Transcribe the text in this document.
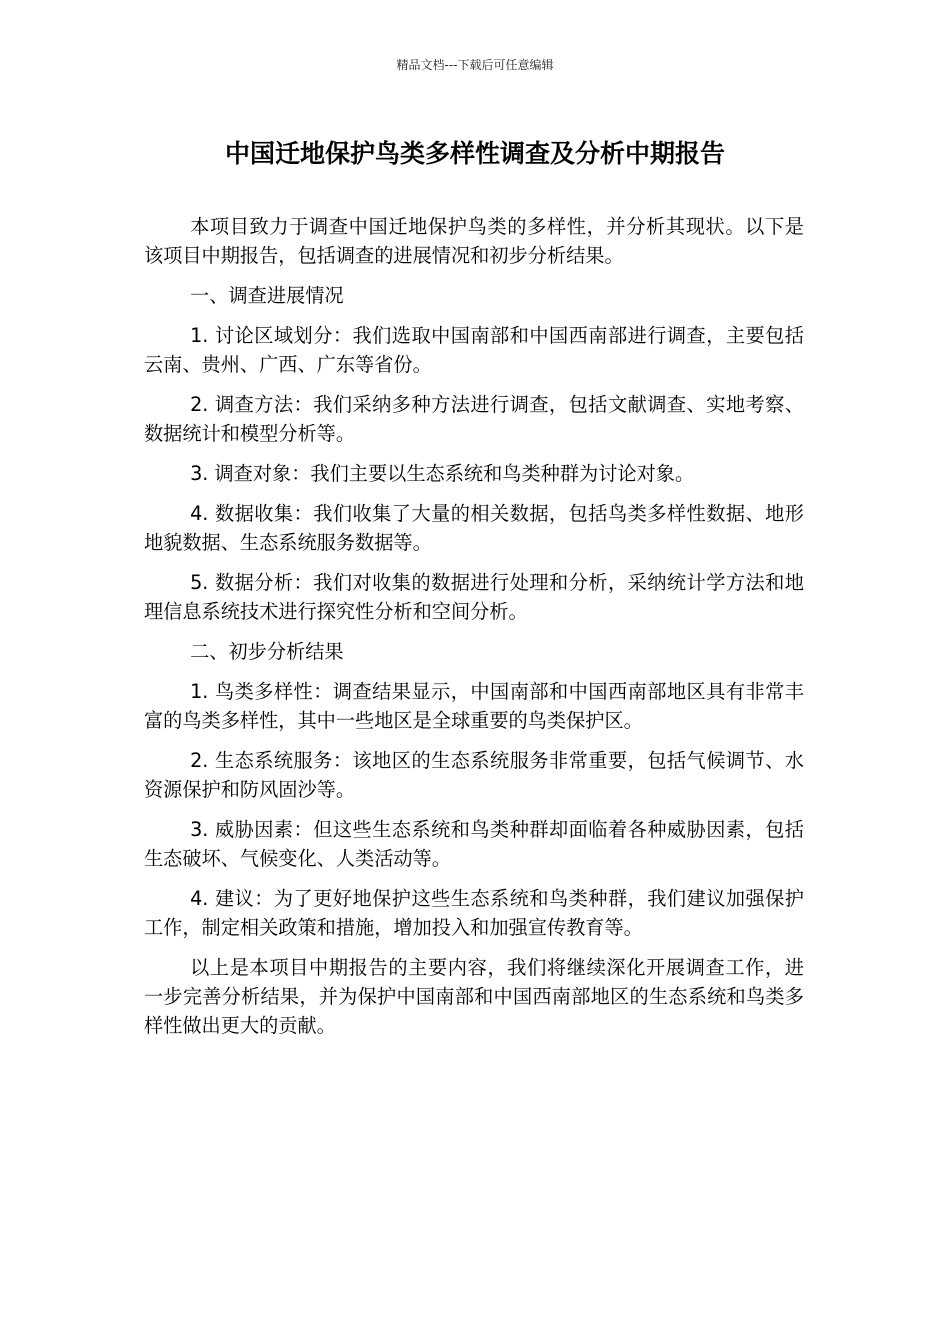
精品文档---下载后可任意编辑
中国迁地保护鸟类多样性调查及分析中期报告

本项目致力于调查中国迁地保护鸟类的多样性，并分析其现状。以下是该项目中期报告，包括调查的进展情况和初步分析结果。

一、调查进展情况

1. 讨论区域划分：我们选取中国南部和中国西南部进行调查，主要包括云南、贵州、广西、广东等省份。

2. 调查方法：我们采纳多种方法进行调查，包括文献调查、实地考察、数据统计和模型分析等。

3. 调查对象：我们主要以生态系统和鸟类种群为讨论对象。

4. 数据收集：我们收集了大量的相关数据，包括鸟类多样性数据、地形地貌数据、生态系统服务数据等。

5. 数据分析：我们对收集的数据进行处理和分析，采纳统计学方法和地理信息系统技术进行探究性分析和空间分析。

二、初步分析结果

1. 鸟类多样性：调查结果显示，中国南部和中国西南部地区具有非常丰富的鸟类多样性，其中一些地区是全球重要的鸟类保护区。

2. 生态系统服务：该地区的生态系统服务非常重要，包括气候调节、水资源保护和防风固沙等。

3. 威胁因素：但这些生态系统和鸟类种群却面临着各种威胁因素，包括生态破坏、气候变化、人类活动等。

4. 建议：为了更好地保护这些生态系统和鸟类种群，我们建议加强保护工作，制定相关政策和措施，增加投入和加强宣传教育等。

以上是本项目中期报告的主要内容，我们将继续深化开展调查工作，进一步完善分析结果，并为保护中国南部和中国西南部地区的生态系统和鸟类多样性做出更大的贡献。
